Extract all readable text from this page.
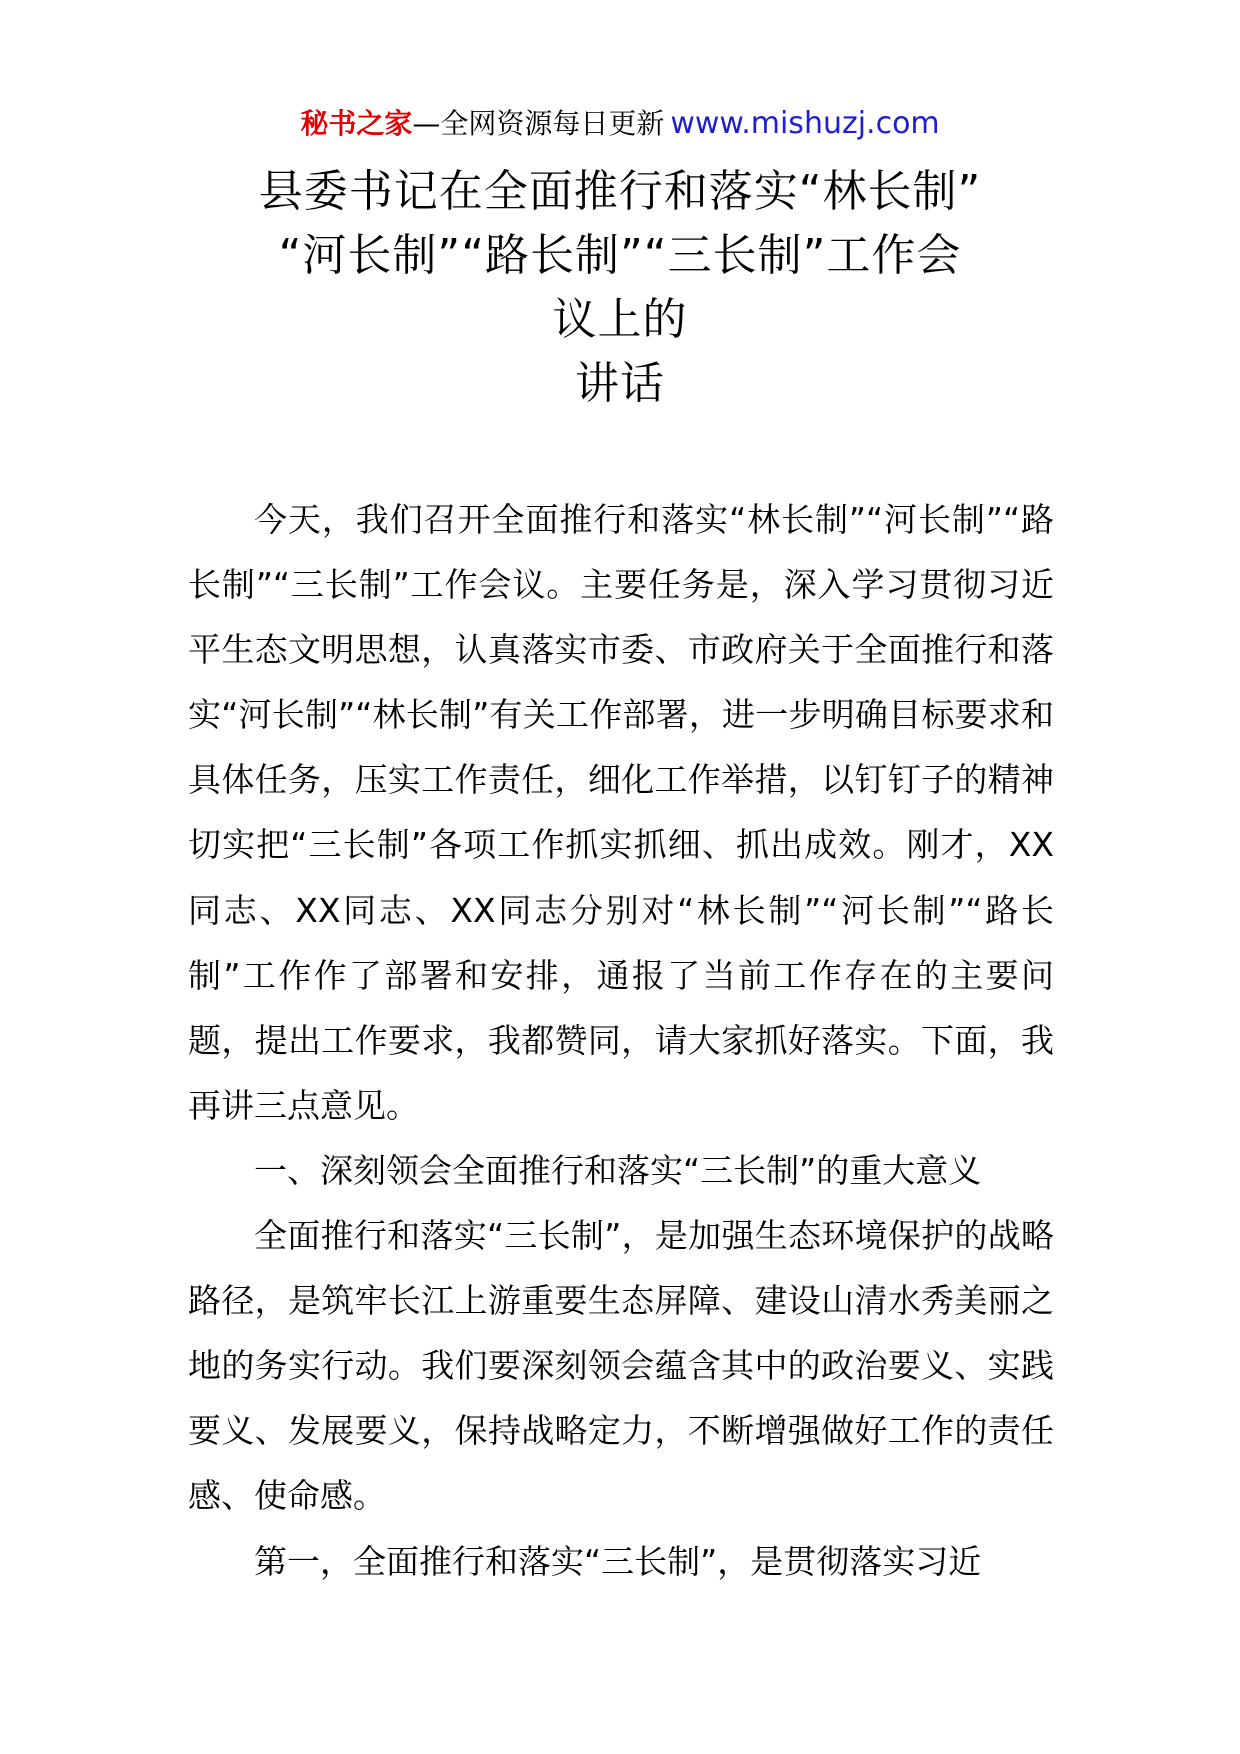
秘书之家—全网资源每日更新 www.mishuzj.com
县委书记在全面推行和落实“林长制”
“河长制”“路长制”“三长制”工作会
议上的
讲话

今天，我们召开全面推行和落实“林长制”“河长制”“路长制”“三长制”工作会议。主要任务是，深入学习贯彻习近平生态文明思想，认真落实市委、市政府关于全面推行和落实“河长制”“林长制”有关工作部署，进一步明确目标要求和具体任务，压实工作责任，细化工作举措，以钉钉子的精神切实把“三长制”各项工作抓实抓细、抓出成效。刚才，XX同志、XX同志、XX同志分别对“林长制”“河长制”“路长制”工作作了部署和安排，通报了当前工作存在的主要问题，提出工作要求，我都赞同，请大家抓好落实。下面，我再讲三点意见。

一、深刻领会全面推行和落实“三长制”的重大意义

全面推行和落实“三长制”，是加强生态环境保护的战略路径，是筑牢长江上游重要生态屏障、建设山清水秀美丽之地的务实行动。我们要深刻领会蕴含其中的政治要义、实践要义、发展要义，保持战略定力，不断增强做好工作的责任感、使命感。

第一，全面推行和落实“三长制”，是贯彻落实习近
